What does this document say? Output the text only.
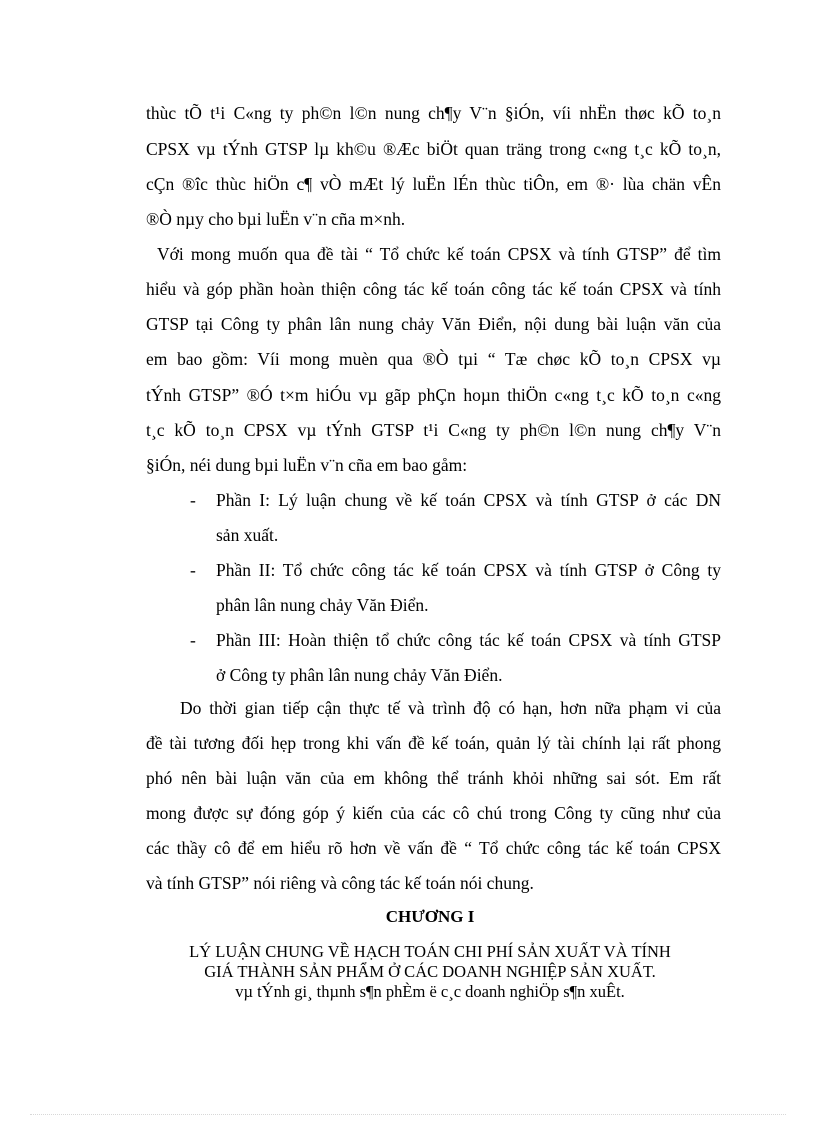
thùc tÕ t¹i C«ng ty ph©n l©n nung ch¶y V¨n §iÓn, víi nhËn thøc kÕ to¸n
CPSX vµ tÝnh GTSP lµ kh©u ®Æc biÖt quan träng trong c«ng t¸c kÕ to¸n,
cÇn ®îc thùc hiÖn c¶ vÒ mÆt lý luËn lÉn thùc tiÔn, em ®· lùa chän vÊn
®Ò nµy cho bµi luËn v¨n cña m×nh.
Với mong muốn qua đề tài “ Tổ chức kế toán CPSX và tính GTSP” để tìm
hiểu và góp phần hoàn thiện công tác kế toán công tác kế toán CPSX và tính
GTSP tại Công ty phân lân nung chảy Văn Điển, nội dung bài luận văn của
em bao gồm: Víi mong muèn qua ®Ò tµi “ Tæ chøc kÕ to¸n CPSX vµ
tÝnh GTSP” ®Ó t×m hiÓu vµ gãp phÇn hoµn thiÖn c«ng t¸c kÕ to¸n c«ng
t¸c kÕ to¸n CPSX vµ tÝnh GTSP t¹i C«ng ty ph©n l©n nung ch¶y V¨n
§iÓn, néi dung bµi luËn v¨n cña em bao gåm:
- Phần I: Lý luận chung về kế toán CPSX và tính GTSP ở các DN
sản xuất.
- Phần II: Tổ chức công tác kế toán CPSX và tính GTSP ở Công ty
phân lân nung chảy Văn Điển.
- Phần III: Hoàn thiện tổ chức công tác kế toán CPSX và tính GTSP
ở Công ty phân lân nung chảy Văn Điển.
Do thời gian tiếp cận thực tế và trình độ có hạn, hơn nữa phạm vi của
đề tài tương đối hẹp trong khi vấn đề kế toán, quản lý tài chính lại rất phong
phó nên bài luận văn của em không thể tránh khỏi những sai sót. Em rất
mong được sự đóng góp ý kiến của các cô chú trong Công ty cũng như của
các thầy cô để em hiểu rõ hơn về vấn đề “ Tổ chức công tác kế toán CPSX
và tính GTSP” nói riêng và công tác kế toán nói chung.
CHƯƠNG I
LÝ LUẬN CHUNG VỀ HẠCH TOÁN CHI PHÍ SẢN XUẤT VÀ TÍNH
GIÁ THÀNH SẢN PHẨM Ở CÁC DOANH NGHIỆP SẢN XUẤT.
vµ tÝnh gi¸ thµnh s¶n phÈm ë c¸c doanh nghiÖp s¶n xuÊt.
